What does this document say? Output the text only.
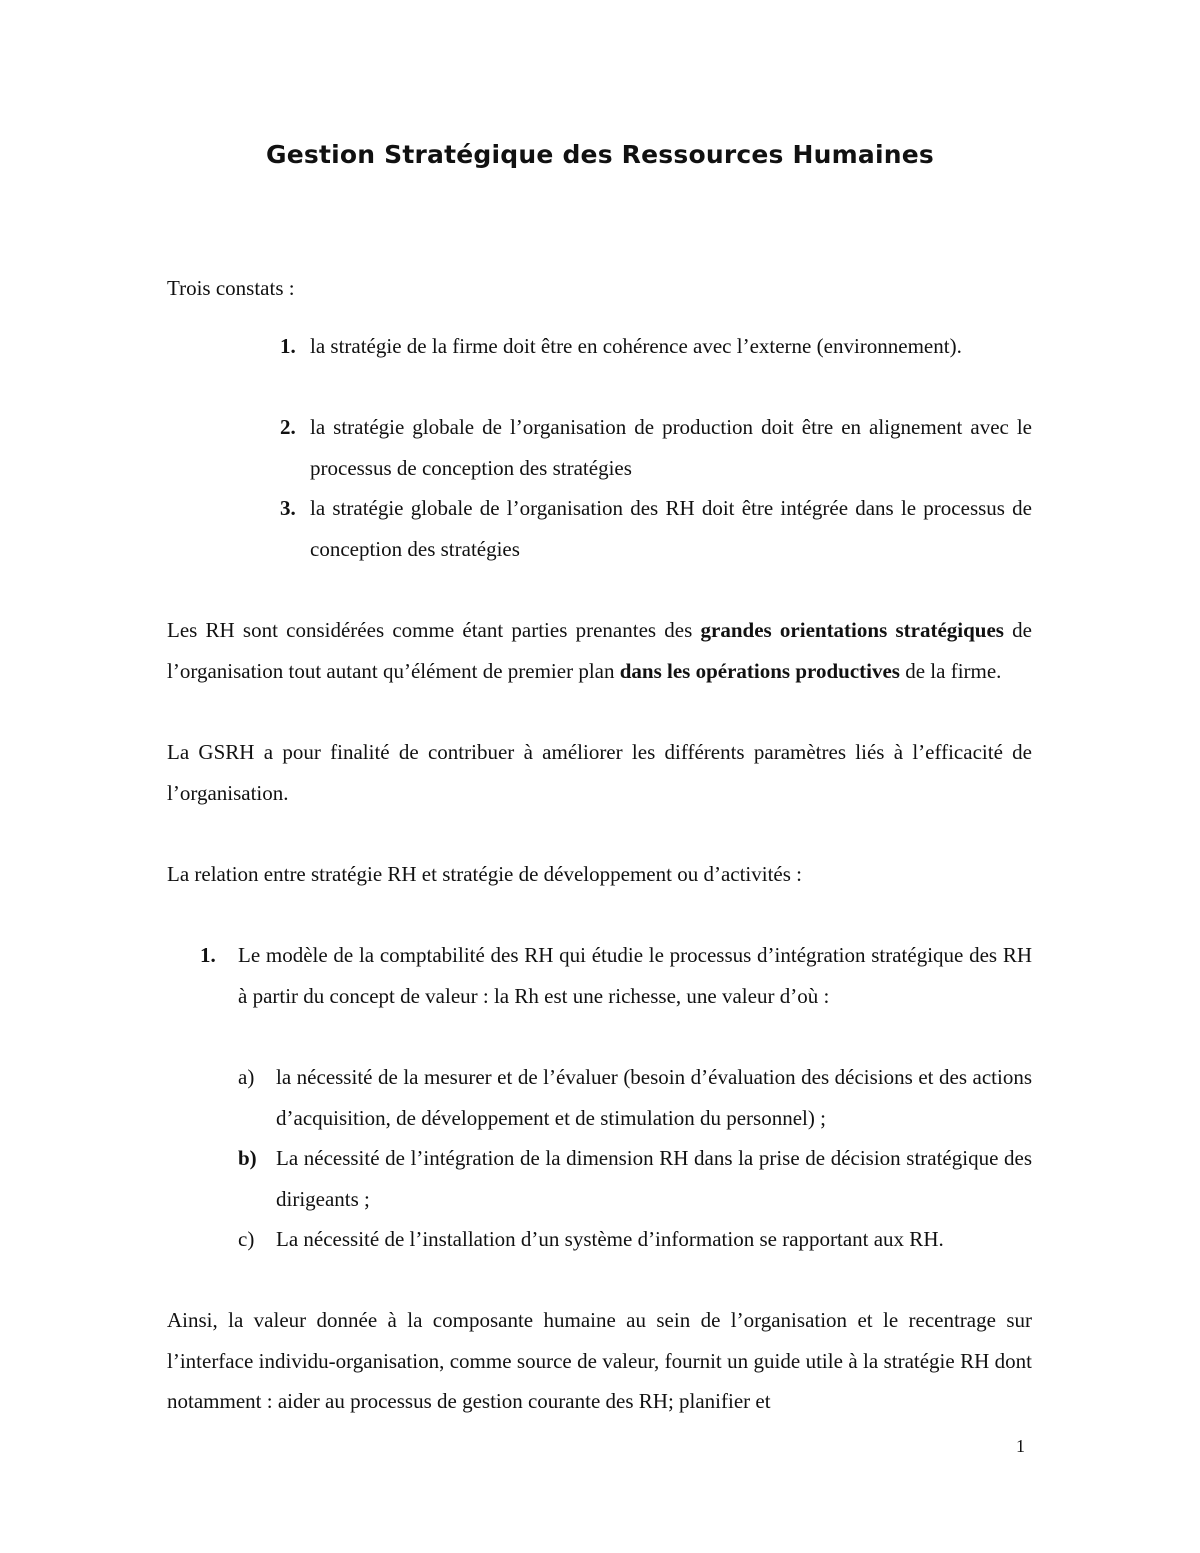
Gestion Stratégique des Ressources Humaines
Trois constats :
1. la stratégie de la firme doit être en cohérence avec l’externe (environnement).
2. la stratégie globale de l’organisation de production doit être en alignement avec le processus de conception des stratégies
3. la stratégie globale de l’organisation des RH doit être intégrée dans le processus de conception des stratégies
Les RH sont considérées comme étant parties prenantes des grandes orientations stratégiques de l’organisation tout autant qu’élément de premier plan dans les opérations productives de la firme.
La GSRH a pour finalité de contribuer à améliorer les différents paramètres liés à l’efficacité de l’organisation.
La relation entre stratégie RH et stratégie de développement ou d’activités :
1. Le modèle de la comptabilité des RH qui étudie le processus d’intégration stratégique des RH à partir du concept de valeur : la Rh est une richesse, une valeur d’où :
a) la nécessité de la mesurer et de l’évaluer (besoin d’évaluation des décisions et des actions d’acquisition, de développement et de stimulation du personnel) ;
b) La nécessité de l’intégration de la dimension RH dans la prise de décision stratégique des dirigeants ;
c) La nécessité de l’installation d’un système d’information se rapportant aux RH.
Ainsi, la valeur donnée à la composante humaine au sein de l’organisation et le recentrage sur l’interface individu-organisation, comme source de valeur, fournit un guide utile à la stratégie RH dont notamment : aider au processus de gestion courante des RH; planifier et
1
